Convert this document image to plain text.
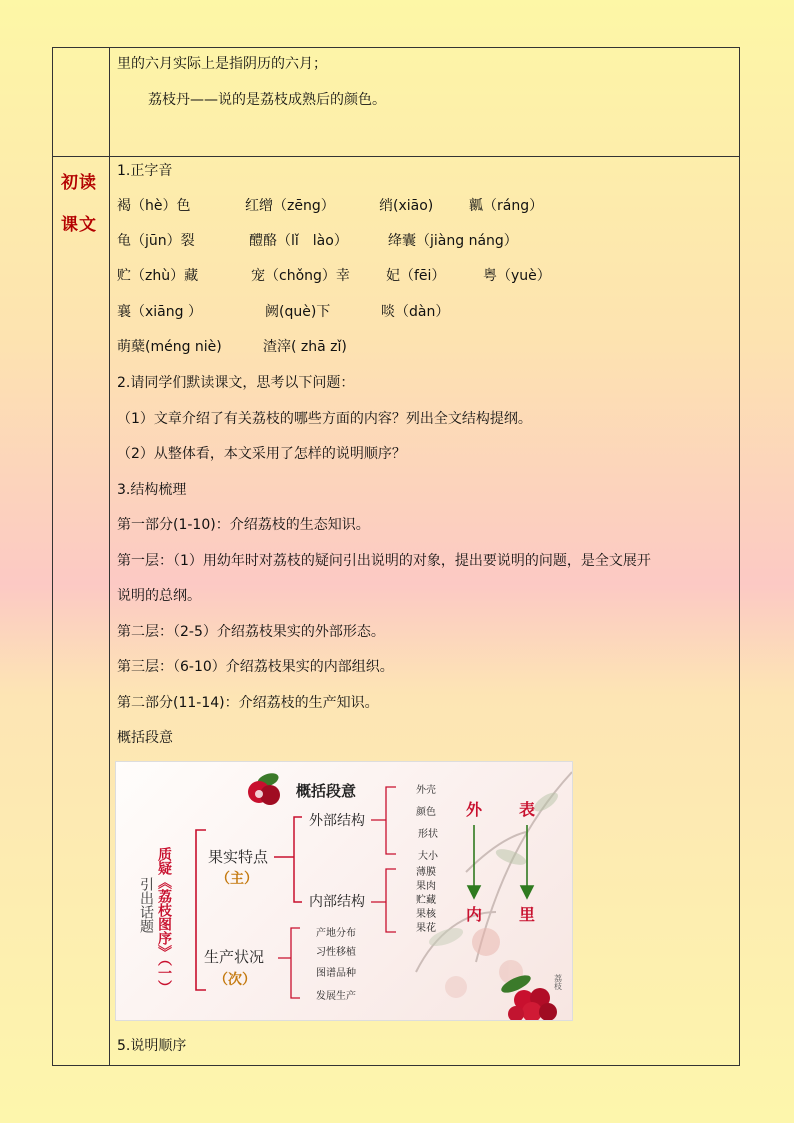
里的六月实际上是指阴历的六月；
荔枝丹——说的是荔枝成熟后的颜色。
初读
课文
1.正字音
褐（hè）色	红缯（zēng）	绡(xiāo)	瓤（ráng）
龟（jūn）裂	醴酪（lǐ　lào）	绛囊（jiàng náng）
贮（zhù）藏	宠（chǒng）幸	妃（fēi）	粤（yuè）
襄（xiāng ）	阙(què)下	啖（dàn）
萌蘖(méng niè)	渣滓( zhā zǐ)
2.请同学们默读课文，思考以下问题：
（1）文章介绍了有关荔枝的哪些方面的内容？列出全文结构提纲。
（2）从整体看，本文采用了怎样的说明顺序？
3.结构梳理
第一部分(1-10)：介绍荔枝的生态知识。
第一层：（1）用幼年时对荔枝的疑问引出说明的对象，提出要说明的问题，是全文展开
说明的总纲。
第二层：（2-5）介绍荔枝果实的外部形态。
第三层：（6-10）介绍荔枝果实的内部组织。
第二部分(11-14)：介绍荔枝的生产知识。
概括段意
概括段意
质疑《荔枝图序》（一）
引出话题
果实特点
（主）
生产状况
（次）
外部结构
内部结构
外壳
颜色
形状
大小
薄膜
果肉
贮藏
果核
果花
产地分布
习性移植
图谱品种
发展生产
外 表
内 里
荔枝
5.说明顺序
